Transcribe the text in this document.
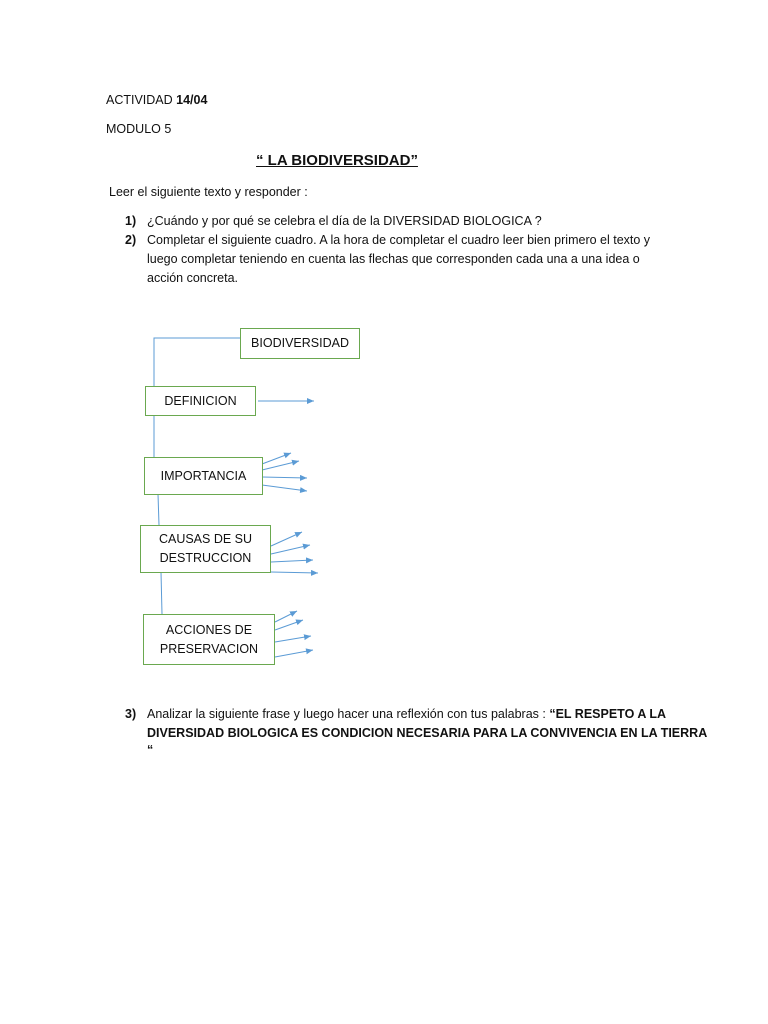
ACTIVIDAD 14/04
MODULO 5
“ LA BIODIVERSIDAD”
Leer el siguiente texto y responder :
1) ¿Cuándo y por qué se celebra el día de la DIVERSIDAD BIOLOGICA ?
2) Completar el siguiente cuadro. A la hora de completar el cuadro leer bien primero el texto y
luego completar teniendo en cuenta las flechas que corresponden cada una a una idea o
acción concreta.
BIODIVERSIDAD
DEFINICION
IMPORTANCIA
CAUSAS DE SU
DESTRUCCION
ACCIONES DE
PRESERVACION
3) Analizar la siguiente frase y luego hacer una reflexión con tus palabras : “EL RESPETO A LA
DIVERSIDAD BIOLOGICA ES CONDICION NECESARIA PARA LA CONVIVENCIA EN LA TIERRA
“
